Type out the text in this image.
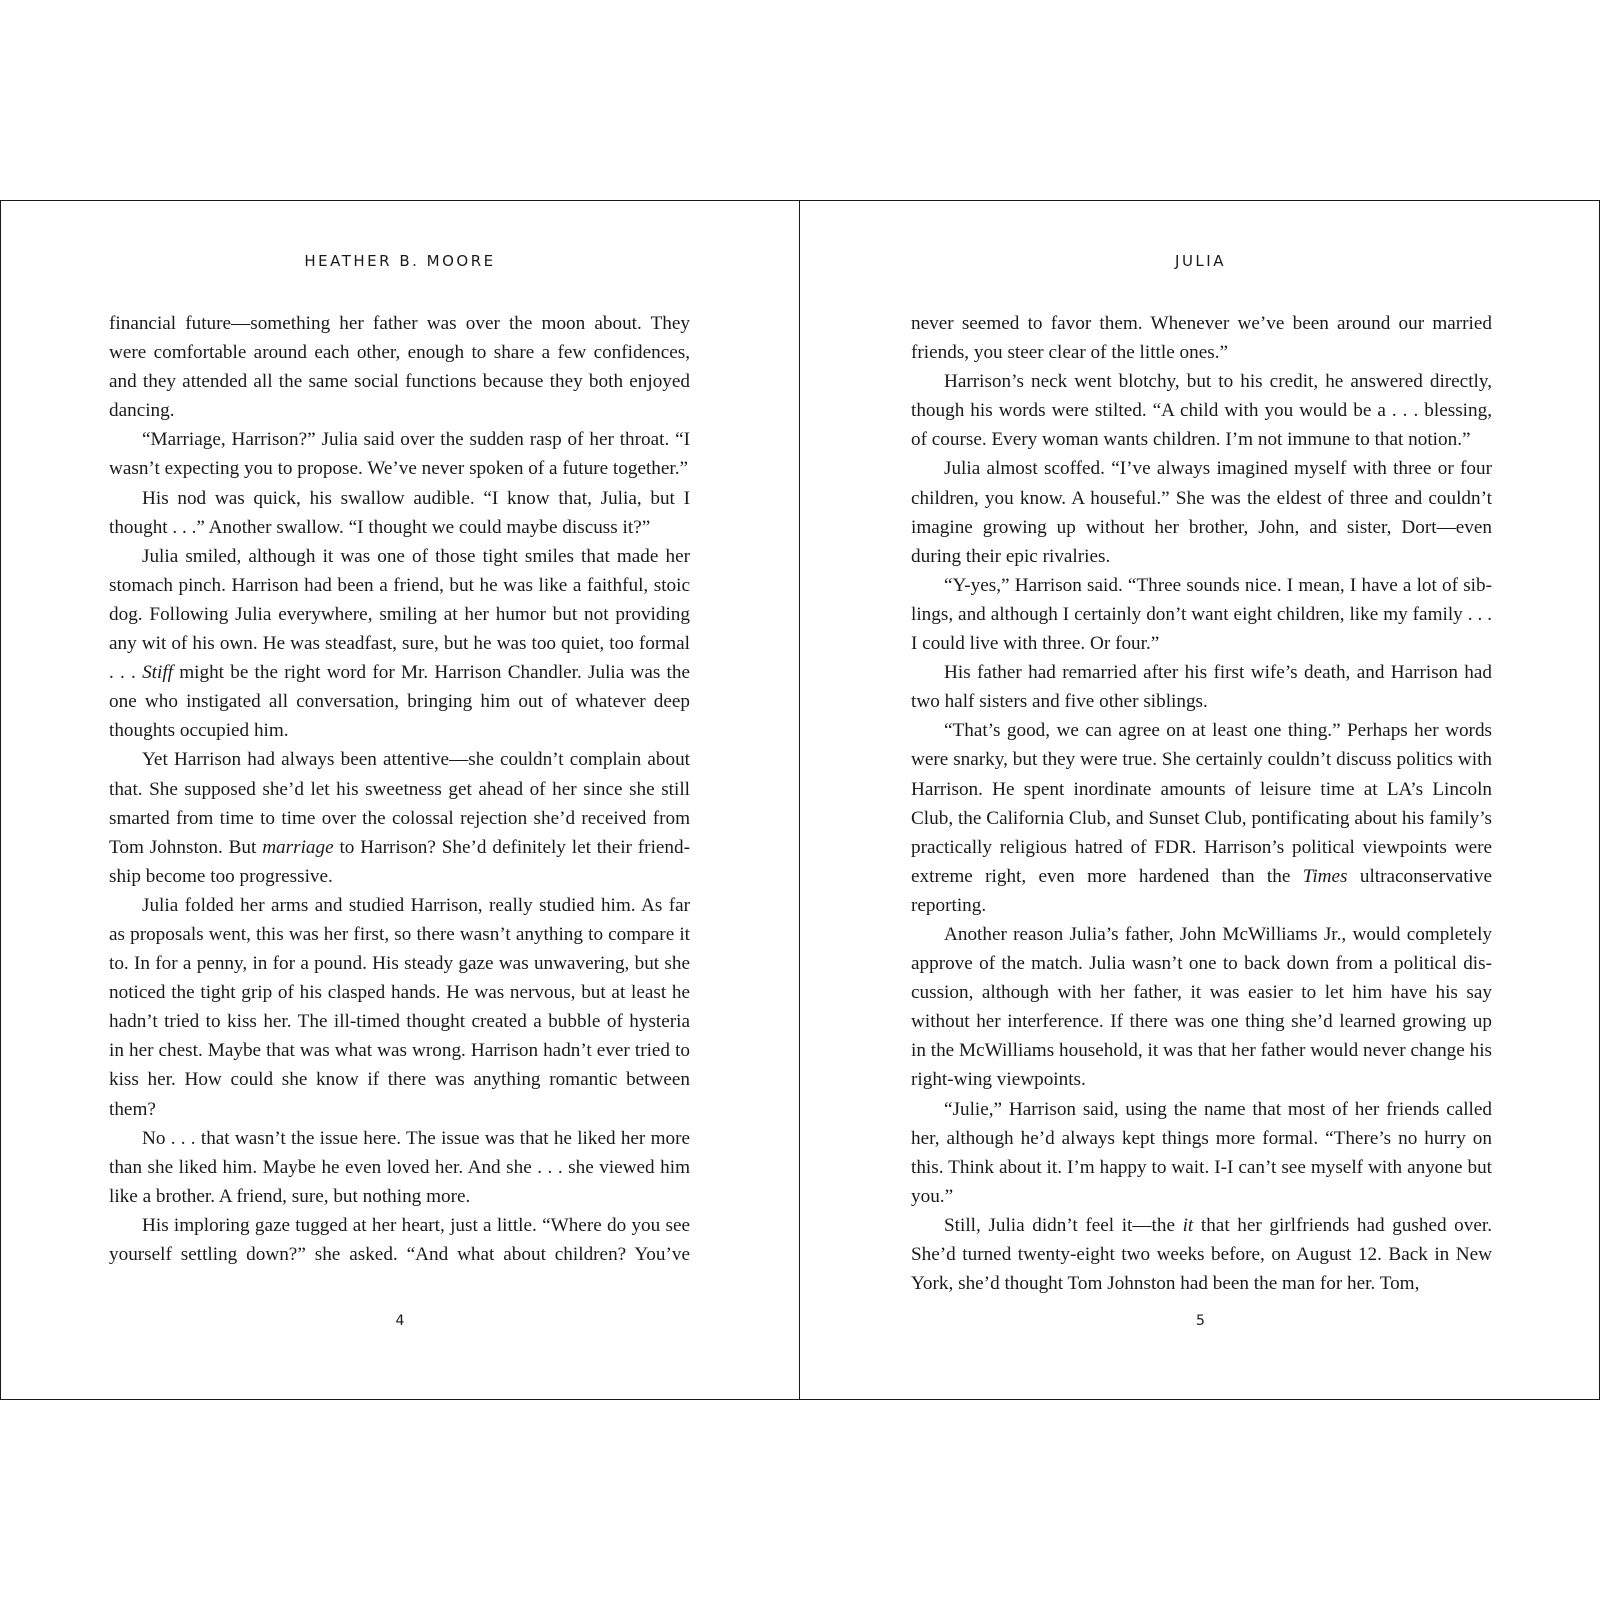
HEATHER B. MOORE

financial future—something her father was over the moon about. They were comfortable around each other, enough to share a few confidences, and they attended all the same social functions because they both enjoyed dancing.

“Marriage, Harrison?” Julia said over the sudden rasp of her throat. “I wasn’t expecting you to propose. We’ve never spoken of a future together.”

His nod was quick, his swallow audible. “I know that, Julia, but I thought . . .” Another swallow. “I thought we could maybe discuss it?”

Julia smiled, although it was one of those tight smiles that made her stomach pinch. Harrison had been a friend, but he was like a faithful, stoic dog. Following Julia everywhere, smiling at her humor but not providing any wit of his own. He was steadfast, sure, but he was too quiet, too formal . . . Stiff might be the right word for Mr. Harrison Chandler. Julia was the one who instigated all conversation, bringing him out of whatever deep thoughts occupied him.

Yet Harrison had always been attentive—she couldn’t complain about that. She supposed she’d let his sweetness get ahead of her since she still smarted from time to time over the colossal rejection she’d received from Tom Johnston. But marriage to Harrison? She’d definitely let their friendship become too progressive.

Julia folded her arms and studied Harrison, really studied him. As far as proposals went, this was her first, so there wasn’t anything to compare it to. In for a penny, in for a pound. His steady gaze was unwavering, but she noticed the tight grip of his clasped hands. He was nervous, but at least he hadn’t tried to kiss her. The ill-timed thought created a bubble of hysteria in her chest. Maybe that was what was wrong. Harrison hadn’t ever tried to kiss her. How could she know if there was anything romantic between them?

No . . . that wasn’t the issue here. The issue was that he liked her more than she liked him. Maybe he even loved her. And she . . . she viewed him like a brother. A friend, sure, but nothing more.

His imploring gaze tugged at her heart, just a little. “Where do you see yourself settling down?” she asked. “And what about children? You’ve

4
JULIA

never seemed to favor them. Whenever we’ve been around our married friends, you steer clear of the little ones.”

Harrison’s neck went blotchy, but to his credit, he answered directly, though his words were stilted. “A child with you would be a . . . blessing, of course. Every woman wants children. I’m not immune to that notion.”

Julia almost scoffed. “I’ve always imagined myself with three or four children, you know. A houseful.” She was the eldest of three and couldn’t imagine growing up without her brother, John, and sister, Dort—even during their epic rivalries.

“Y-yes,” Harrison said. “Three sounds nice. I mean, I have a lot of siblings, and although I certainly don’t want eight children, like my family . . . I could live with three. Or four.”

His father had remarried after his first wife’s death, and Harrison had two half sisters and five other siblings.

“That’s good, we can agree on at least one thing.” Perhaps her words were snarky, but they were true. She certainly couldn’t discuss politics with Harrison. He spent inordinate amounts of leisure time at LA’s Lincoln Club, the California Club, and Sunset Club, pontificating about his family’s practically religious hatred of FDR. Harrison’s political viewpoints were extreme right, even more hardened than the Times ultraconservative reporting.

Another reason Julia’s father, John McWilliams Jr., would completely approve of the match. Julia wasn’t one to back down from a political discussion, although with her father, it was easier to let him have his say without her interference. If there was one thing she’d learned growing up in the McWilliams household, it was that her father would never change his right-wing viewpoints.

“Julie,” Harrison said, using the name that most of her friends called her, although he’d always kept things more formal. “There’s no hurry on this. Think about it. I’m happy to wait. I-I can’t see myself with anyone but you.”

Still, Julia didn’t feel it—the it that her girlfriends had gushed over. She’d turned twenty-eight two weeks before, on August 12. Back in New York, she’d thought Tom Johnston had been the man for her. Tom,

5
